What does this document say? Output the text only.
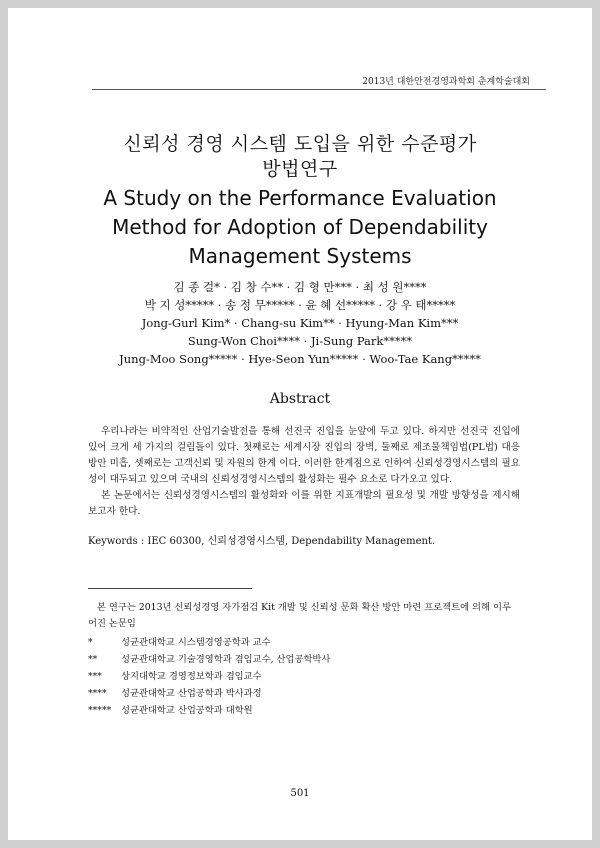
2013년 대한안전경영과학회 춘계학술대회
신뢰성 경영 시스템 도입을 위한 수준평가
방법연구
A Study on the Performance Evaluation
Method for Adoption of Dependability
Management Systems
김 종 걸* · 김 창 수** · 김 형 만*** · 최 성 원****
박 지 성***** · 송 정 무***** · 윤 혜 선***** · 강 우 태*****
Jong-Gurl Kim* · Chang-su Kim** · Hyung-Man Kim***
Sung-Won Choi**** · Ji-Sung Park*****
Jung-Moo Song***** · Hye-Seon Yun***** · Woo-Tae Kang*****
Abstract

우리나라는 비약적인 산업기술발전을 통해 선진국 진입을 눈앞에 두고 있다. 하지만 선진국 진입에 있어 크게 세 가지의 걸림돌이 있다. 첫째로는 세계시장 진입의 장벽, 둘째로 제조물책임법(PL법) 대응방안 미흡, 셋째로는 고객신뢰 및 자원의 한계 이다. 이러한 한계점으로 인하여 신뢰성경영시스템의 필요성이 대두되고 있으며 국내의 신뢰성경영시스템의 활성화는 필수 요소로 다가오고 있다.

본 논문에서는 신뢰성경영시스템의 활성화와 이를 위한 지표개발의 필요성 및 개발 방향성을 제시해보고자 한다.

Keywords : IEC 60300, 신뢰성경영시스템, Dependability Management.

본 연구는 2013년 신뢰성경영 자가점검 Kit 개발 및 신뢰성 문화 확산 방안 마련 프로젝트에 의해 이루어진 논문임

*	성균관대학교 시스템경영공학과 교수
**	성균관대학교 기술경영학과 겸임교수, 산업공학박사
***	상지대학교 경영정보학과 겸임교수
****	성균관대학교 산업공학과 박사과정
*****	성균관대학교 산업공학과 대학원
501
